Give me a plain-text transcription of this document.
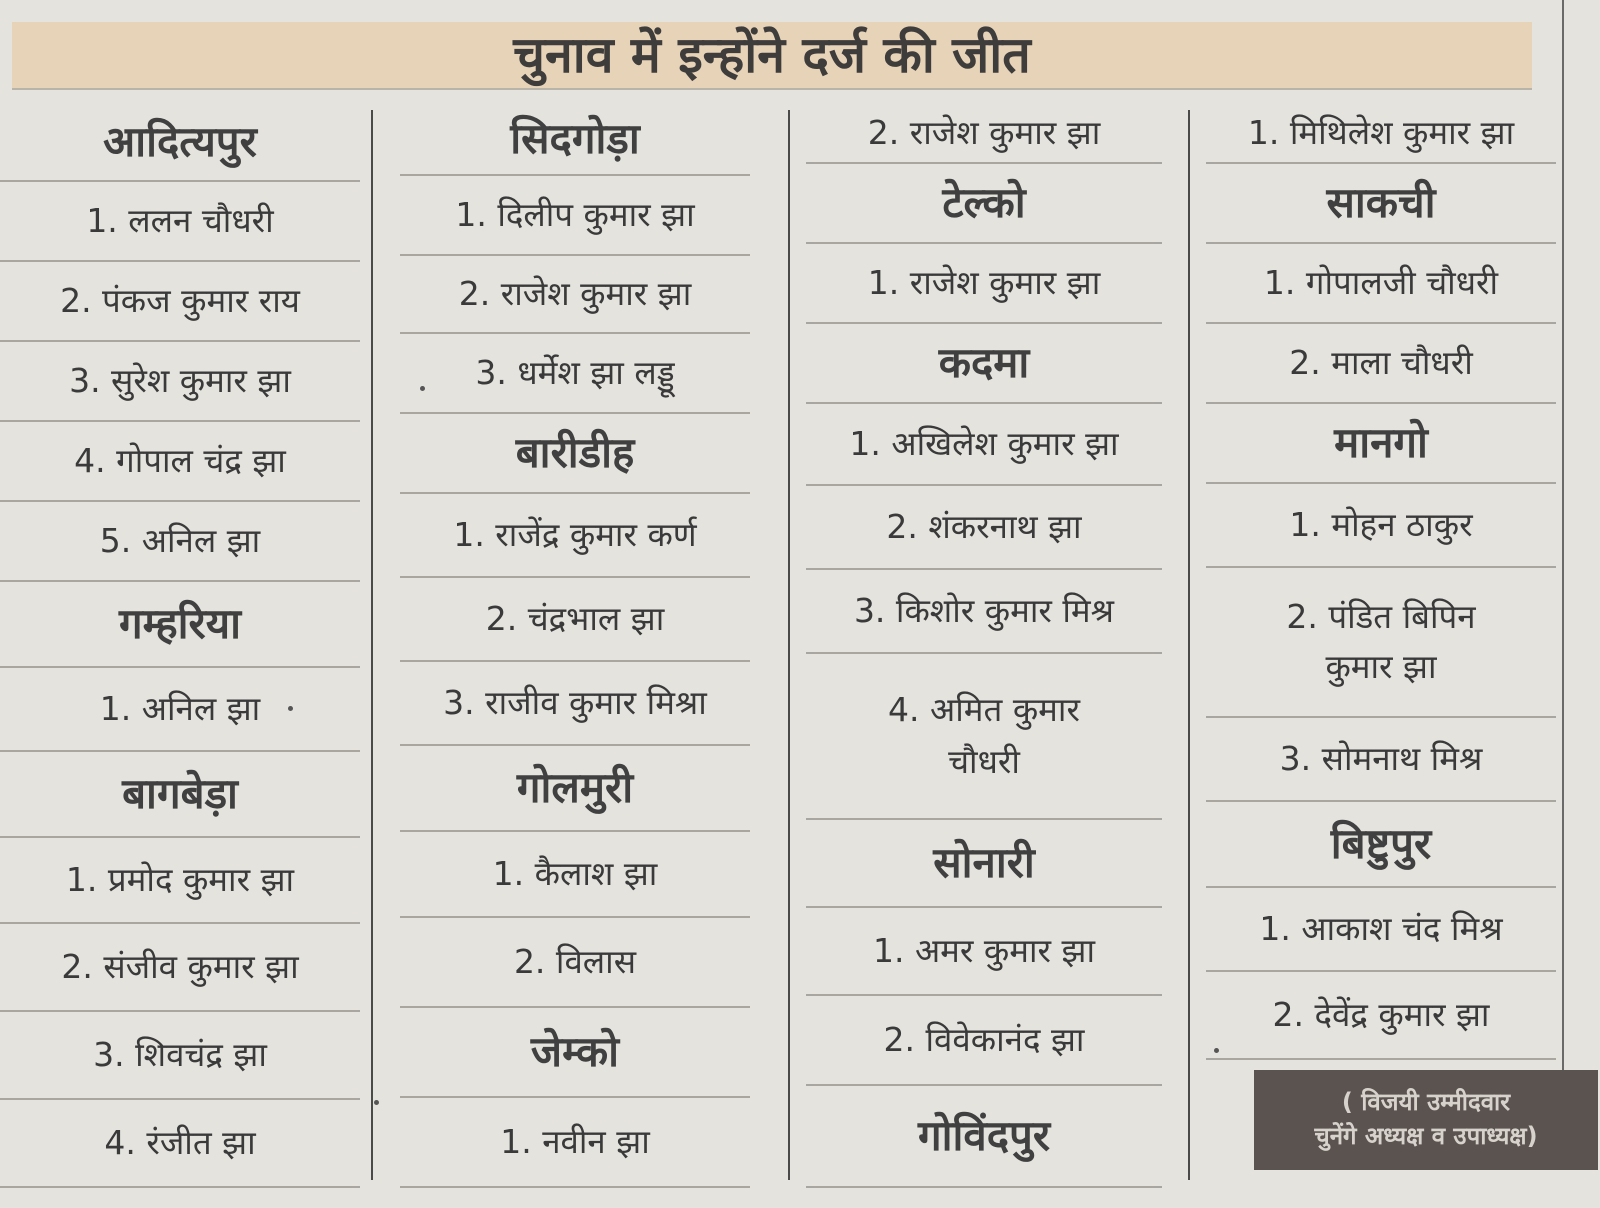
चुनाव में इन्होंने दर्ज की जीत
आदित्यपुर
1. ललन चौधरी
2. पंकज कुमार राय
3. सुरेश कुमार झा
4. गोपाल चंद्र झा
5. अनिल झा
गम्हरिया
1. अनिल झा
बागबेड़ा
1. प्रमोद कुमार झा
2. संजीव कुमार झा
3. शिवचंद्र झा
4. रंजीत झा
सिदगोड़ा
1. दिलीप कुमार झा
2. राजेश कुमार झा
3. धर्मेश झा लड्डू
बारीडीह
1. राजेंद्र कुमार कर्ण
2. चंद्रभाल झा
3. राजीव कुमार मिश्रा
गोलमुरी
1. कैलाश झा
2. विलास
जेम्को
1. नवीन झा
2. राजेश कुमार झा
टेल्को
1. राजेश कुमार झा
कदमा
1. अखिलेश कुमार झा
2. शंकरनाथ झा
3. किशोर कुमार मिश्र
4. अमित कुमार
चौधरी
सोनारी
1. अमर कुमार झा
2. विवेकानंद झा
गोविंदपुर
1. मिथिलेश कुमार झा
साकची
1. गोपालजी चौधरी
2. माला चौधरी
मानगो
1. मोहन ठाकुर
2. पंडित बिपिन
कुमार झा
3. सोमनाथ मिश्र
बिष्टुपुर
1. आकाश चंद मिश्र
2. देवेंद्र कुमार झा
( विजयी उम्मीदवार
चुनेंगे अध्यक्ष व उपाध्यक्ष)
